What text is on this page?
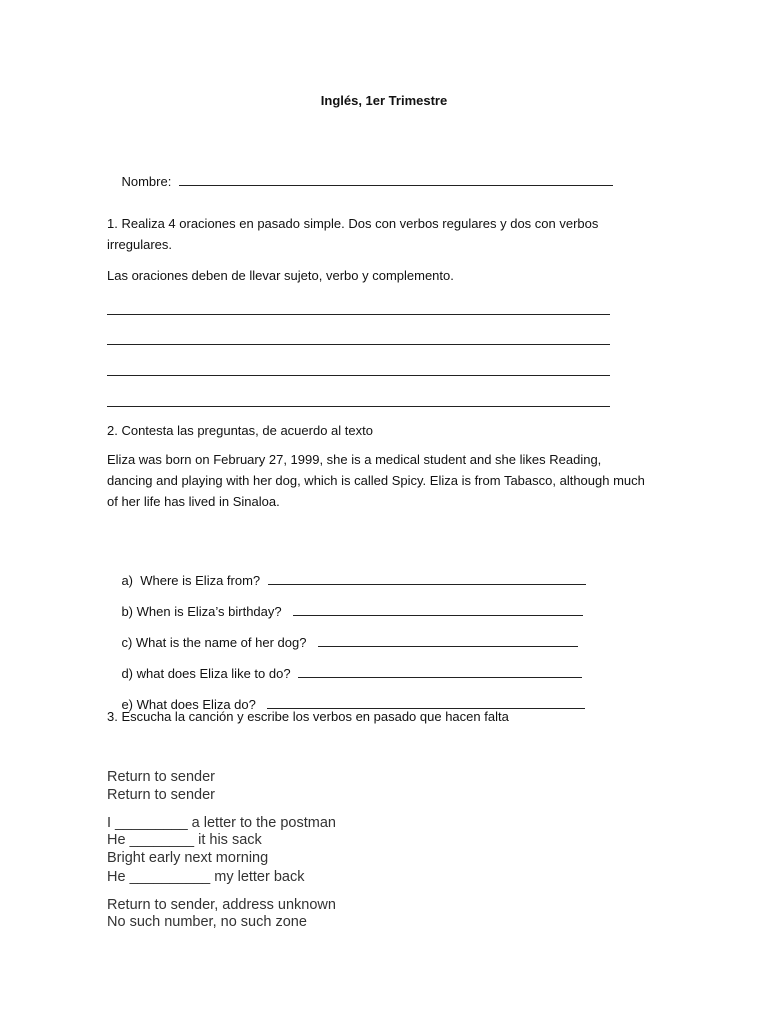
Inglés, 1er Trimestre

Nombre:

1. Realiza 4 oraciones en pasado simple. Dos con verbos regulares y dos con verbos irregulares.
Las oraciones deben de llevar sujeto, verbo y complemento.
2. Contesta las preguntas, de acuerdo al texto
Eliza was born on February 27, 1999, she is a medical student and she likes Reading, dancing and playing with her dog, which is called Spicy. Eliza is from Tabasco, although much of her life has lived in Sinaloa.

a)  Where is Eliza from?

b) When is Eliza’s birthday?

c) What is the name of her dog?

d) what does Eliza like to do?

e) What does Eliza do?

3. Escucha la canción y escribe los verbos en pasado que hacen falta
Return to sender
Return to sender
I _________ a letter to the postman
He ________ it his sack
Bright early next morning
He __________ my letter back
Return to sender, address unknown
No such number, no such zone
